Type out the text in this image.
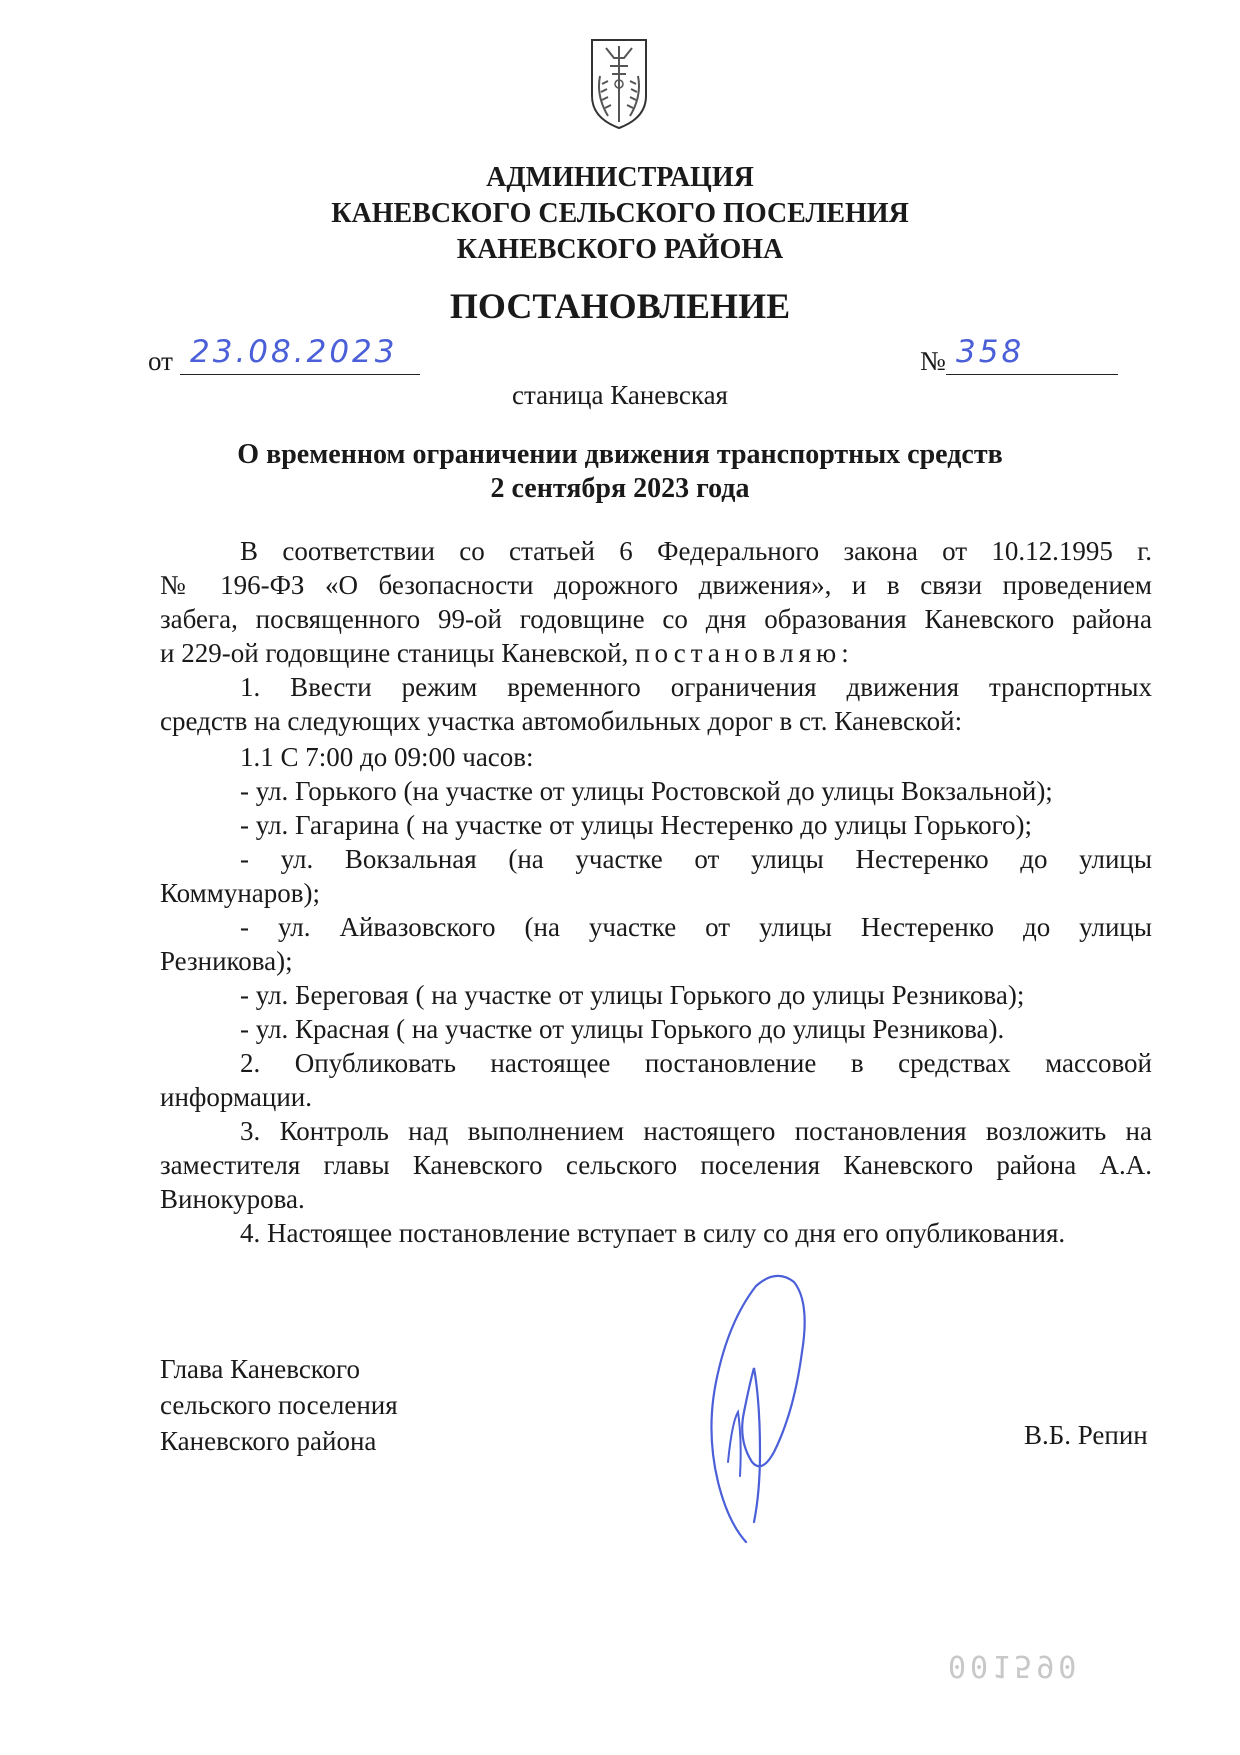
АДМИНИСТРАЦИЯ
КАНЕВСКОГО СЕЛЬСКОГО ПОСЕЛЕНИЯ
КАНЕВСКОГО РАЙОНА
ПОСТАНОВЛЕНИЕ
от 23.08.2023	№ 358
станица Каневская
О временном ограничении движения транспортных средств
2 сентября 2023 года
В соответствии со статьей 6 Федерального закона от 10.12.1995 г.
№ 196-ФЗ «О безопасности дорожного движения», и в связи проведением
забега, посвященного 99-ой годовщине со дня образования Каневского района
и 229-ой годовщине станицы Каневской, постановляю:
1. Ввести режим временного ограничения движения транспортных
средств на следующих участка автомобильных дорог в ст. Каневской:
1.1 С 7:00 до 09:00 часов:
- ул. Горького (на участке от улицы Ростовской до улицы Вокзальной);
- ул. Гагарина ( на участке от улицы Нестеренко до улицы Горького);
- ул. Вокзальная (на участке от улицы Нестеренко до улицы
Коммунаров);
- ул. Айвазовского (на участке от улицы Нестеренко до улицы
Резникова);
- ул. Береговая ( на участке от улицы Горького до улицы Резникова);
- ул. Красная ( на участке от улицы Горького до улицы Резникова).
2. Опубликовать настоящее постановление в средствах массовой
информации.
3. Контроль над выполнением настоящего постановления возложить на
заместителя главы Каневского сельского поселения Каневского района А.А.
Винокурова.
4. Настоящее постановление вступает в силу со дня его опубликования.
Глава Каневского
сельского поселения
Каневского района	В.Б. Репин
001590
